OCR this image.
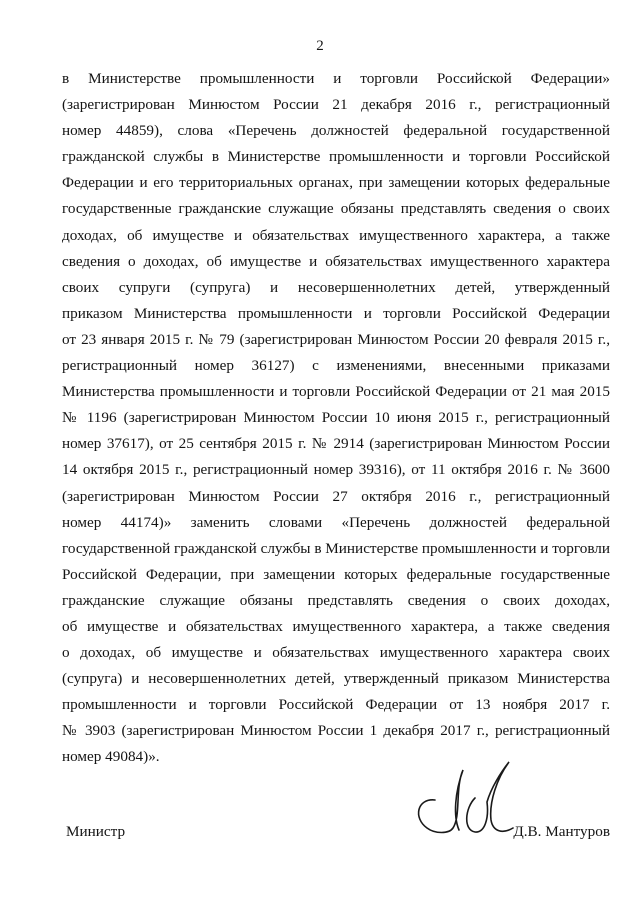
2
в Министерстве промышленности и торговли Российской Федерации»
(зарегистрирован Минюстом России 21 декабря 2016 г., регистрационный
номер 44859), слова «Перечень должностей федеральной государственной
гражданской службы в Министерстве промышленности и торговли Российской
Федерации и его территориальных органах, при замещении которых федеральные
государственные гражданские служащие обязаны представлять сведения о своих
доходах, об имуществе и обязательствах имущественного характера, а также
сведения о доходах, об имуществе и обязательствах имущественного характера
своих супруги (супруга) и несовершеннолетних детей, утвержденный
приказом Министерства промышленности и торговли Российской Федерации
от 23 января 2015 г. № 79 (зарегистрирован Минюстом России 20 февраля 2015 г.,
регистрационный номер 36127) с изменениями, внесенными приказами
Министерства промышленности и торговли Российской Федерации от 21 мая 2015
№ 1196 (зарегистрирован Минюстом России 10 июня 2015 г., регистрационный
номер 37617), от 25 сентября 2015 г. № 2914 (зарегистрирован Минюстом России
14 октября 2015 г., регистрационный номер 39316), от 11 октября 2016 г. № 3600
(зарегистрирован Минюстом России 27 октября 2016 г., регистрационный
номер 44174)» заменить словами «Перечень должностей федеральной
государственной гражданской службы в Министерстве промышленности и торговли
Российской Федерации, при замещении которых федеральные государственные
гражданские служащие обязаны представлять сведения о своих доходах,
об имуществе и обязательствах имущественного характера, а также сведения
о доходах, об имуществе и обязательствах имущественного характера своих
(супруга) и несовершеннолетних детей, утвержденный приказом Министерства
промышленности и торговли Российской Федерации от 13 ноября 2017 г.
№ 3903 (зарегистрирован Минюстом России 1 декабря 2017 г., регистрационный
номер 49084)».
Министр	Д.В. Мантуров
